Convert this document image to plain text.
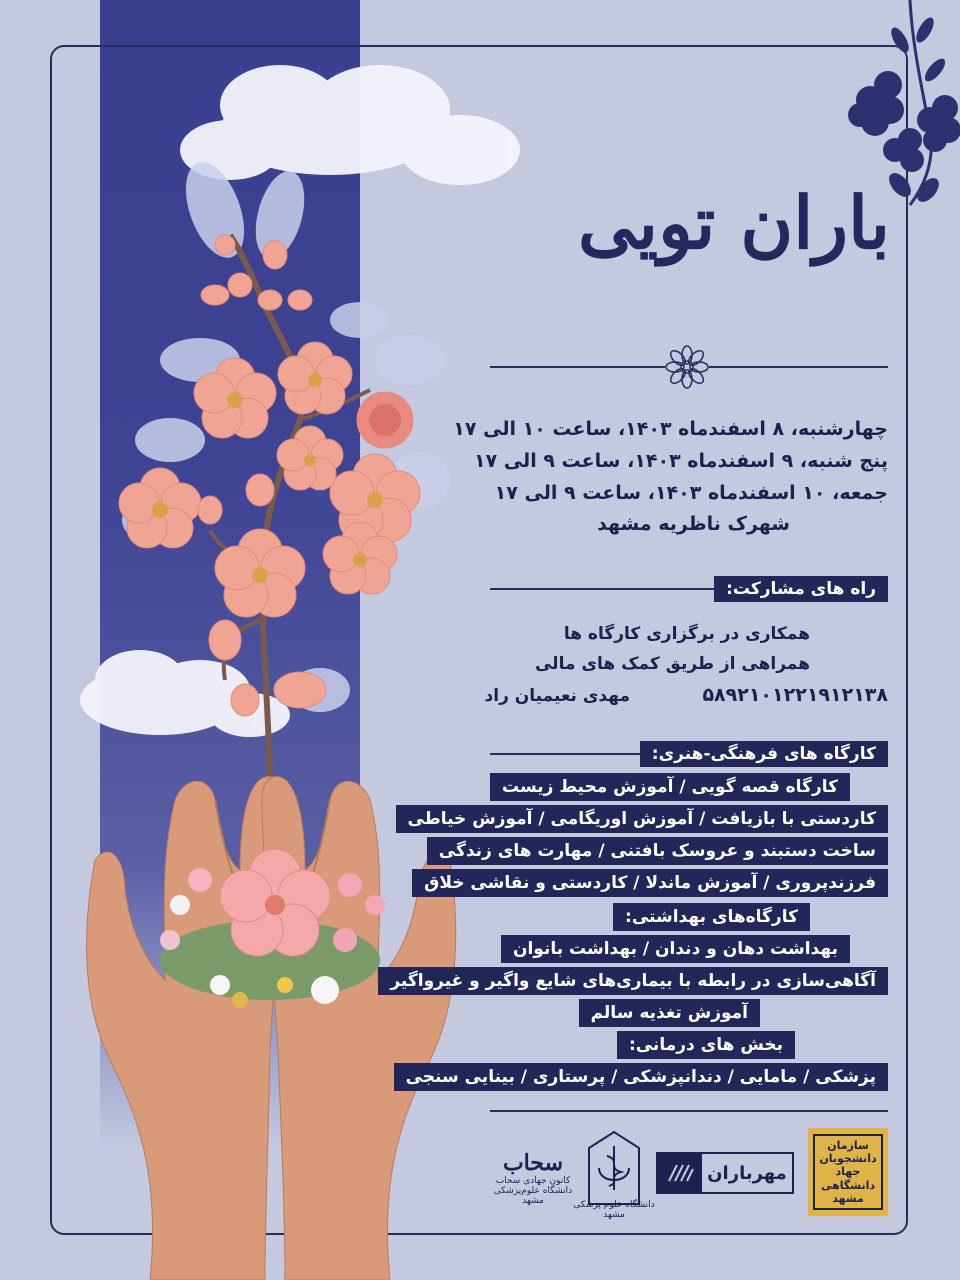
باران تویی
چهارشنبه، ۸ اسفندماه ۱۴۰۳، ساعت ۱۰ الی ۱۷
پنج شنبه، ۹ اسفندماه ۱۴۰۳، ساعت ۹ الی ۱۷
جمعه، ۱۰ اسفندماه ۱۴۰۳، ساعت ۹ الی ۱۷
شهرک ناظریه مشهد
راه های مشارکت:
همکاری در برگزاری کارگاه ها
همراهی از طریق کمک های مالی
۵۸۹۲۱۰۱۲۲۱۹۱۲۱۳۸
مهدی نعیمیان راد
کارگاه های فرهنگی-هنری:
کارگاه قصه گویی / آموزش محیط زیست
کاردستی با بازیافت / آموزش اوریگامی / آموزش خیاطی
ساخت دستبند و عروسک بافتنی / مهارت های زندگی
فرزندپروری / آموزش ماندلا / کاردستی و نقاشی خلاق
کارگاه‌های بهداشتی:
بهداشت دهان و دندان / بهداشت بانوان
آگاهی‌سازی در رابطه با بیماری‌های شایع واگیر و غیرواگیر
آموزش تغذیه سالم
بخش های درمانی:
پزشکی / مامایی / دندانپزشکی / پرستاری / بینایی سنجی
سحاب
کانون جهادی سحاب
دانشگاه علوم‌پزشکی مشهد	دانشگاه علوم پزشکی مشهد
مهرباران
سازمان دانشجویان جهاد دانشگاهی مشهد
